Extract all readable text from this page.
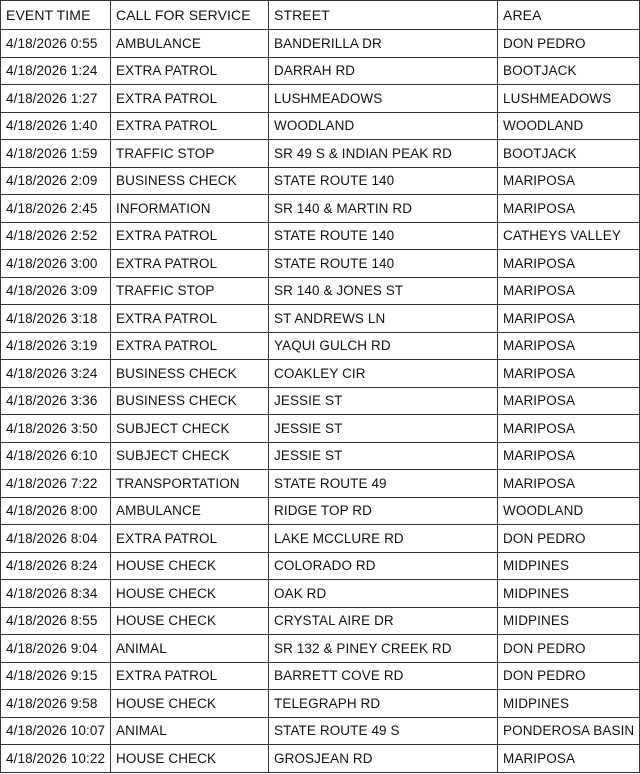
EVENT TIME	CALL FOR SERVICE	STREET	AREA
4/18/2026 0:55	AMBULANCE	BANDERILLA DR	DON PEDRO
4/18/2026 1:24	EXTRA PATROL	DARRAH RD	BOOTJACK
4/18/2026 1:27	EXTRA PATROL	LUSHMEADOWS	LUSHMEADOWS
4/18/2026 1:40	EXTRA PATROL	WOODLAND	WOODLAND
4/18/2026 1:59	TRAFFIC STOP	SR 49 S & INDIAN PEAK RD	BOOTJACK
4/18/2026 2:09	BUSINESS CHECK	STATE ROUTE 140	MARIPOSA
4/18/2026 2:45	INFORMATION	SR 140 & MARTIN RD	MARIPOSA
4/18/2026 2:52	EXTRA PATROL	STATE ROUTE 140	CATHEYS VALLEY
4/18/2026 3:00	EXTRA PATROL	STATE ROUTE 140	MARIPOSA
4/18/2026 3:09	TRAFFIC STOP	SR 140 & JONES ST	MARIPOSA
4/18/2026 3:18	EXTRA PATROL	ST ANDREWS LN	MARIPOSA
4/18/2026 3:19	EXTRA PATROL	YAQUI GULCH RD	MARIPOSA
4/18/2026 3:24	BUSINESS CHECK	COAKLEY CIR	MARIPOSA
4/18/2026 3:36	BUSINESS CHECK	JESSIE ST	MARIPOSA
4/18/2026 3:50	SUBJECT CHECK	JESSIE ST	MARIPOSA
4/18/2026 6:10	SUBJECT CHECK	JESSIE ST	MARIPOSA
4/18/2026 7:22	TRANSPORTATION	STATE ROUTE 49	MARIPOSA
4/18/2026 8:00	AMBULANCE	RIDGE TOP RD	WOODLAND
4/18/2026 8:04	EXTRA PATROL	LAKE MCCLURE RD	DON PEDRO
4/18/2026 8:24	HOUSE CHECK	COLORADO RD	MIDPINES
4/18/2026 8:34	HOUSE CHECK	OAK RD	MIDPINES
4/18/2026 8:55	HOUSE CHECK	CRYSTAL AIRE DR	MIDPINES
4/18/2026 9:04	ANIMAL	SR 132 & PINEY CREEK RD	DON PEDRO
4/18/2026 9:15	EXTRA PATROL	BARRETT COVE RD	DON PEDRO
4/18/2026 9:58	HOUSE CHECK	TELEGRAPH RD	MIDPINES
4/18/2026 10:07	ANIMAL	STATE ROUTE 49 S	PONDEROSA BASIN
4/18/2026 10:22	HOUSE CHECK	GROSJEAN RD	MARIPOSA
